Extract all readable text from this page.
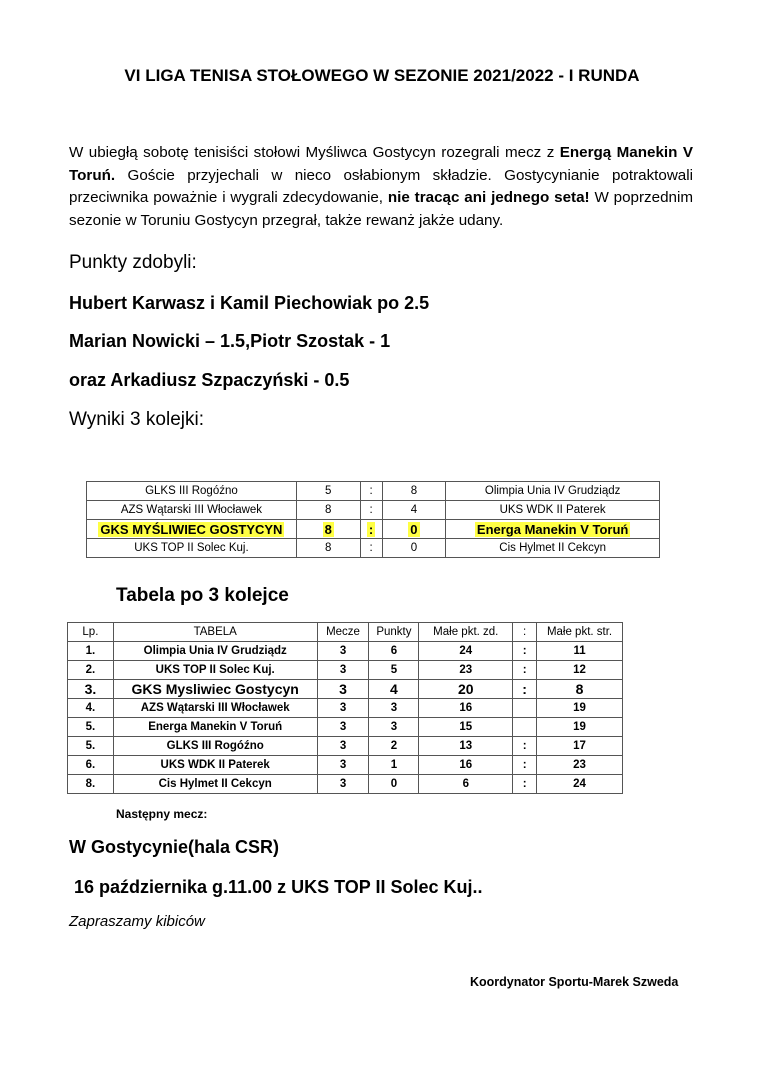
VI LIGA TENISA STOŁOWEGO W SEZONIE 2021/2022 - I RUNDA
W ubiegłą sobotę tenisiści stołowi Myśliwca Gostycyn rozegrali mecz z Energą Manekin V Toruń. Goście przyjechali w nieco osłabionym składzie. Gostycynianie potraktowali przeciwnika poważnie i wygrali zdecydowanie, nie tracąc ani jednego seta! W poprzednim sezonie w Toruniu Gostycyn przegrał, także rewanż jakże udany.
Punkty zdobyli:
Hubert Karwasz i Kamil Piechowiak po 2.5
Marian Nowicki – 1.5,Piotr Szostak - 1
oraz Arkadiusz Szpaczyński - 0.5
Wyniki 3 kolejki:
GLKS III Rogóźno	5	:	8	Olimpia Unia IV Grudziądz
AZS Wątarski III Włocławek	8	:	4	UKS WDK II Paterek
GKS MYŚLIWIEC GOSTYCYN	8	:	0	Energa Manekin V Toruń
UKS TOP II Solec Kuj.	8	:	0	Cis Hylmet II Cekcyn
Tabela po 3 kolejce
Lp.	TABELA	Mecze	Punkty	Małe pkt. zd.	:	Małe pkt. str.
1.	Olimpia Unia IV Grudziądz	3	6	24	:	11
2.	UKS TOP II Solec Kuj.	3	5	23	:	12
3.	GKS Mysliwiec Gostycyn	3	4	20	:	8
4.	AZS Wątarski III Włocławek	3	3	16		19
5.	Energa Manekin V Toruń	3	3	15		19
5.	GLKS III Rogóźno	3	2	13	:	17
6.	UKS WDK II Paterek	3	1	16	:	23
8.	Cis Hylmet II Cekcyn	3	0	6	:	24
Następny mecz:
W Gostycynie(hala CSR)
16 października g.11.00 z UKS TOP II Solec Kuj..
Zapraszamy kibiców
Koordynator Sportu-Marek Szweda
